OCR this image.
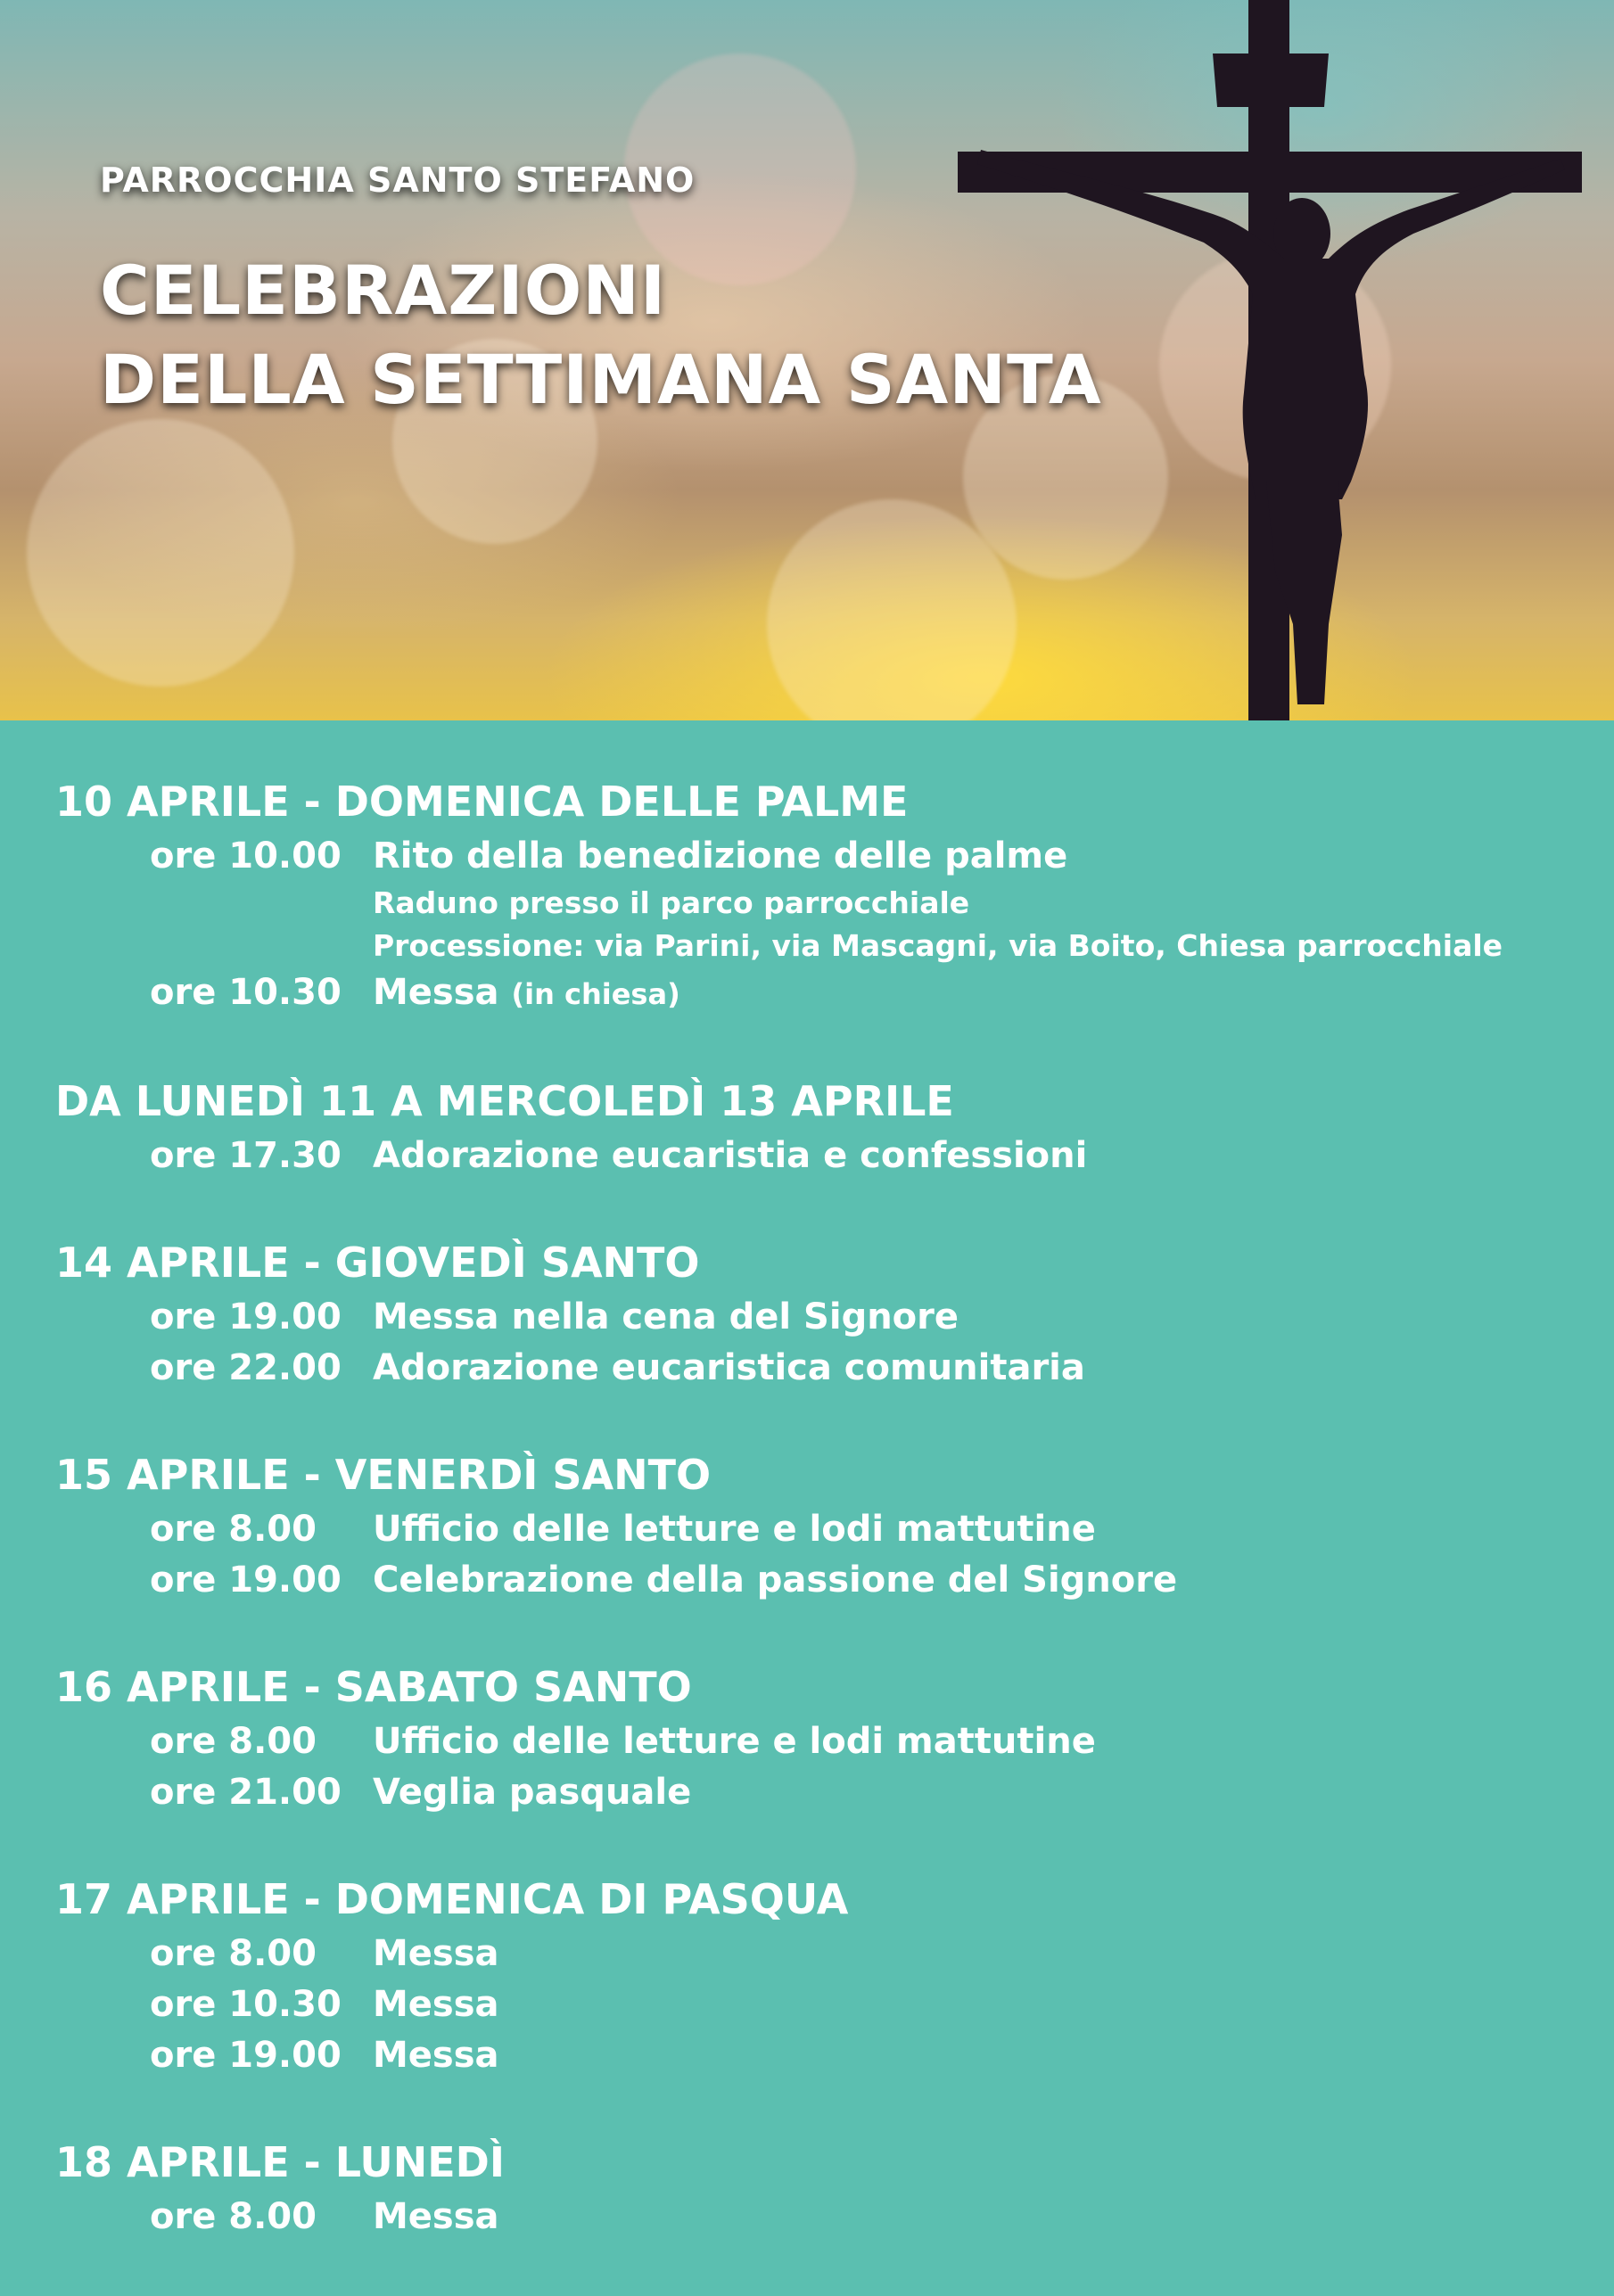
PARROCCHIA SANTO STEFANO
CELEBRAZIONI
DELLA SETTIMANA SANTA
10 APRILE - DOMENICA DELLE PALME
ore 10.00 Rito della benedizione delle palme
Raduno presso il parco parrocchiale
Processione: via Parini, via Mascagni, via Boito, Chiesa parrocchiale
ore 10.30 Messa (in chiesa)
DA LUNEDÌ 11 A MERCOLEDÌ 13 APRILE
ore 17.30 Adorazione eucaristia e confessioni
14 APRILE - GIOVEDÌ SANTO
ore 19.00 Messa nella cena del Signore
ore 22.00 Adorazione eucaristica comunitaria
15 APRILE - VENERDÌ SANTO
ore 8.00	Ufficio delle letture e lodi mattutine
ore 19.00 Celebrazione della passione del Signore
16 APRILE - SABATO SANTO
ore 8.00	Ufficio delle letture e lodi mattutine
ore 21.00 Veglia pasquale
17 APRILE - DOMENICA DI PASQUA
ore 8.00	Messa
ore 10.30 Messa
ore 19.00 Messa
18 APRILE - LUNEDÌ
ore 8.00	Messa
